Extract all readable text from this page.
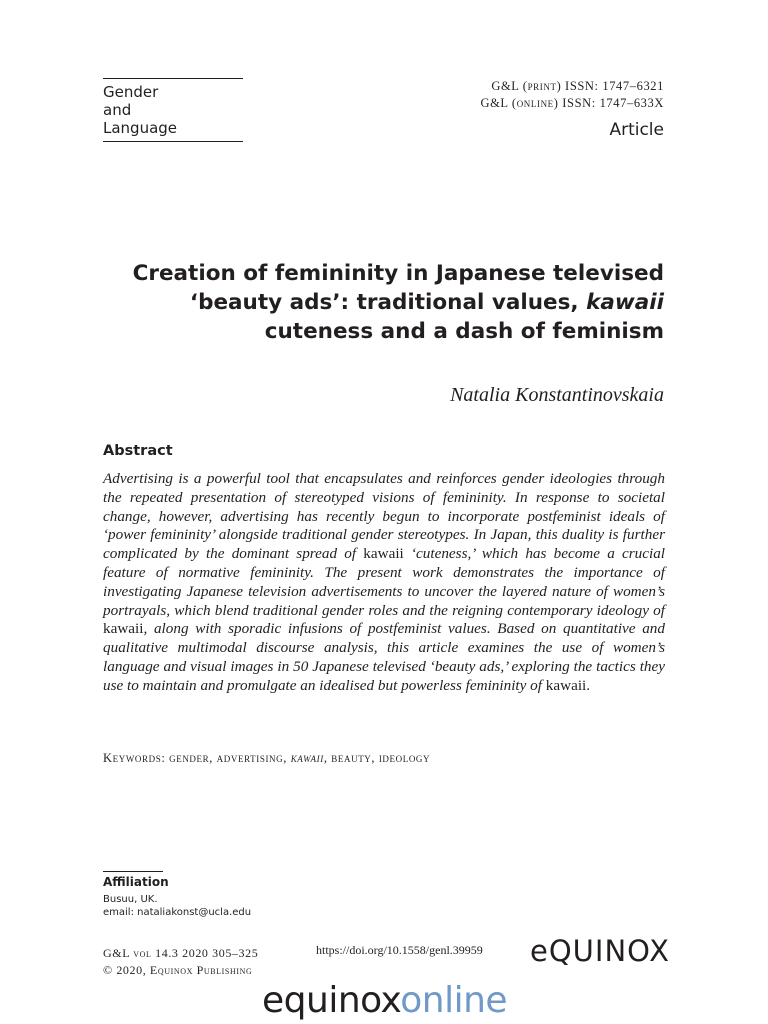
Gender
and
Language
G&L (print) ISSN: 1747–6321
G&L (online) ISSN: 1747–633X
Article
Creation of femininity in Japanese televised
‘beauty ads’: traditional values, kawaii
cuteness and a dash of feminism
Natalia Konstantinovskaia
Abstract
Advertising is a powerful tool that encapsulates and reinforces gender ideologies through the repeated presentation of stereotyped visions of femininity. In response to societal change, however, advertising has recently begun to incorporate postfeminist ideals of ‘power femininity’ alongside traditional gender stereotypes. In Japan, this duality is further complicated by the dominant spread of kawaii ‘cuteness,’ which has become a crucial feature of normative femininity. The present work demonstrates the importance of investigating Japanese television advertisements to uncover the layered nature of women’s portrayals, which blend traditional gender roles and the reigning contemporary ideology of kawaii, along with sporadic infusions of postfeminist values. Based on quantitative and qualitative multimodal discourse analysis, this article examines the use of women’s language and visual images in 50 Japanese televised ‘beauty ads,’ exploring the tactics they use to maintain and promulgate an idealised but powerless femininity of kawaii.
Keywords: gender, advertising, kawaii, beauty, ideology
Affiliation
Busuu, UK.
email: nataliakonst@ucla.edu
G&L vol 14.3 2020 305–325
© 2020, Equinox Publishing
https://doi.org/10.1558/genl.39959 eQUINOX
equinoxonline
